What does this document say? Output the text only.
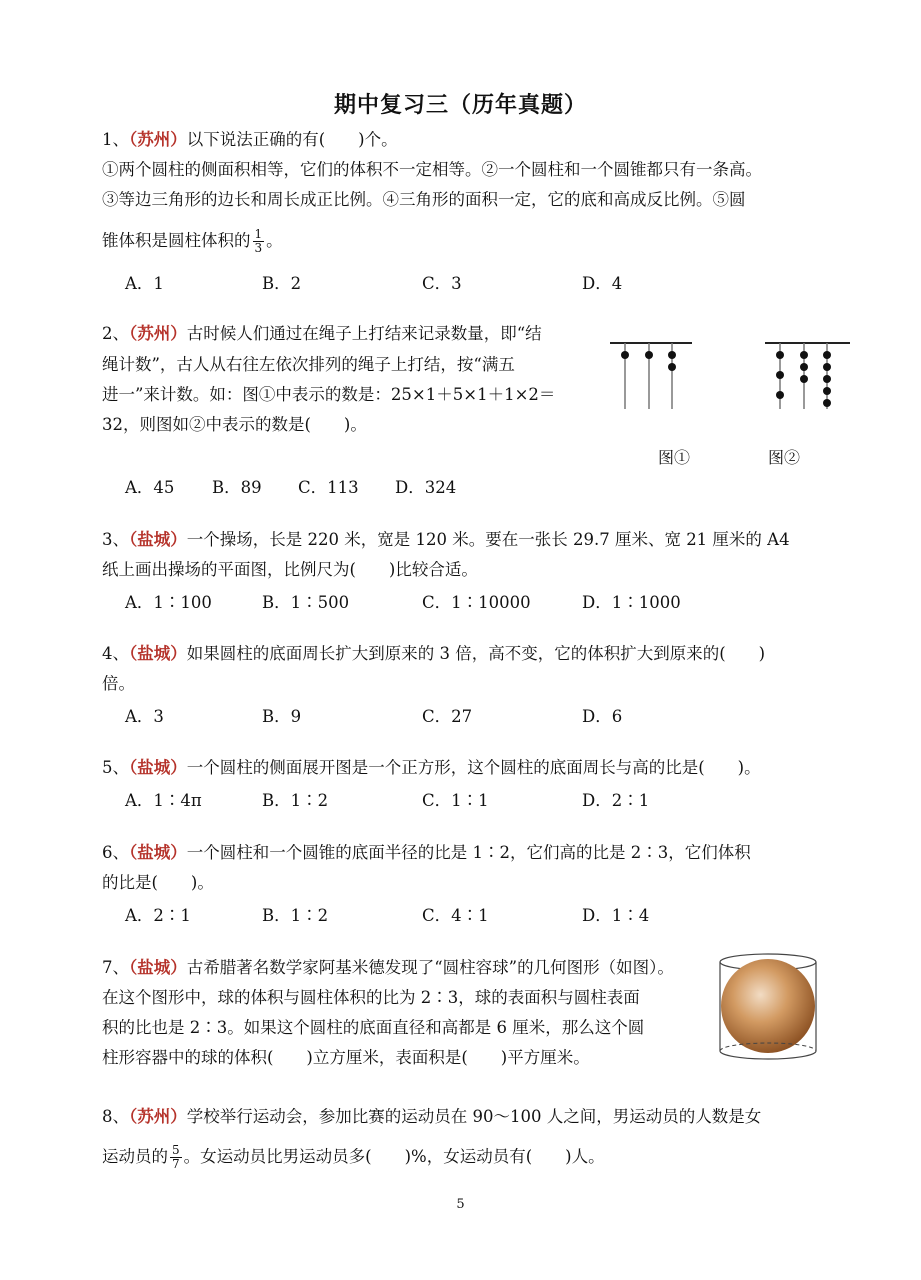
期中复习三（历年真题）
1、（苏州）以下说法正确的有(　　)个。
①两个圆柱的侧面积相等，它们的体积不一定相等。②一个圆柱和一个圆锥都只有一条高。
③等边三角形的边长和周长成正比例。④三角形的面积一定，它的底和高成反比例。⑤圆
锥体积是圆柱体积的 $\frac{1}{3}$ 。
A．1	B．2	C．3	D．4
2、（苏州）古时候人们通过在绳子上打结来记录数量，即“结
绳计数”，古人从右往左依次排列的绳子上打结，按“满五
进一”来计数。如：图①中表示的数是：25×1＋5×1＋1×2＝
32，则图如②中表示的数是(　　)。
图①	图②
A．45 B．89 C．113 D．324
3、（盐城）一个操场，长是 220 米，宽是 120 米。要在一张长 29.7 厘米、宽 21 厘米的 A4
纸上画出操场的平面图，比例尺为(　　)比较合适。
A．1∶100	B．1∶500	C．1∶10000	D．1∶1000
4、（盐城）如果圆柱的底面周长扩大到原来的 3 倍，高不变，它的体积扩大到原来的(　　)
倍。
A．3	B．9	C．27	D．6
5、（盐城）一个圆柱的侧面展开图是一个正方形，这个圆柱的底面周长与高的比是(　　)。
A．1∶4π	B．1∶2	C．1∶1	D．2∶1
6、（盐城）一个圆柱和一个圆锥的底面半径的比是 1∶2，它们高的比是 2∶3，它们体积
的比是(　　)。
A．2∶1	B．1∶2	C．4∶1	D．1∶4
7、（盐城）古希腊著名数学家阿基米德发现了“圆柱容球”的几何图形（如图）。
在这个图形中，球的体积与圆柱体积的比为 2∶3，球的表面积与圆柱表面
积的比也是 2∶3。如果这个圆柱的底面直径和高都是 6 厘米，那么这个圆
柱形容器中的球的体积(　　)立方厘米，表面积是(　　)平方厘米。
8、（苏州）学校举行运动会，参加比赛的运动员在 90～100 人之间，男运动员的人数是女
运动员的 $\frac{5}{7}$ 。女运动员比男运动员多(　　)%，女运动员有(　　)人。
5
